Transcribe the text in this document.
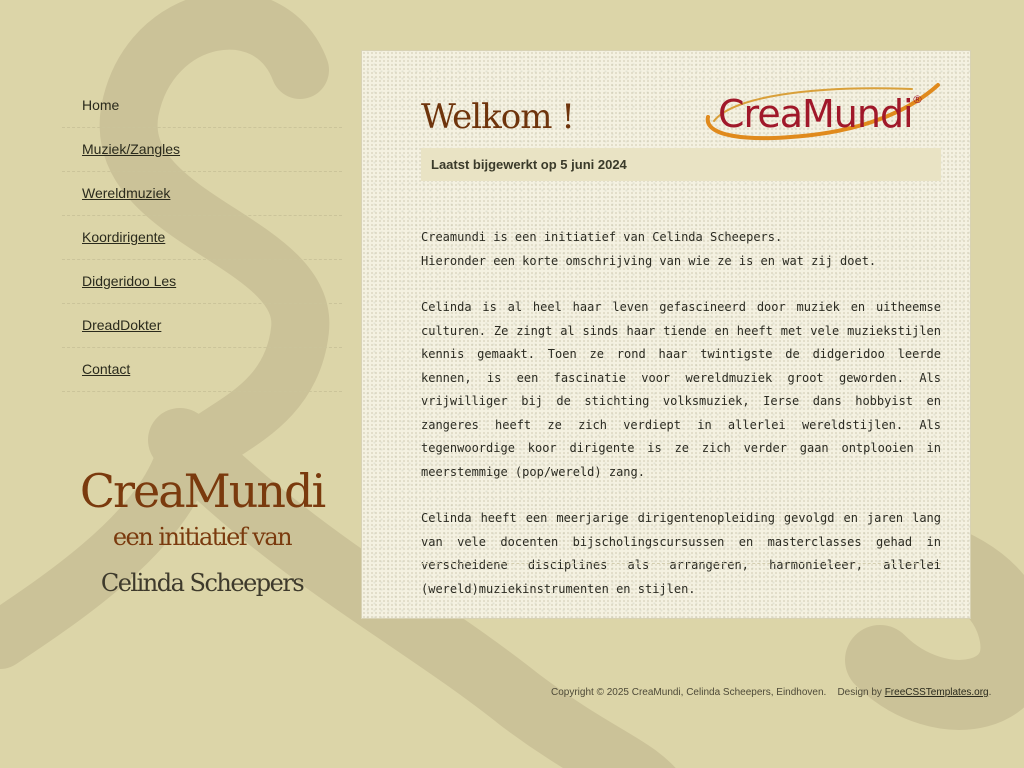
Home
Muziek/Zangles
Wereldmuziek
Koordirigente
Didgeridoo Les
DreadDokter
Contact
CreaMundi
een initiatief van
Celinda Scheepers
Welkom !	CreaMundi ®
Laatst bijgewerkt op 5 juni 2024

Creamundi is een initiatief van Celinda Scheepers.
Hieronder een korte omschrijving van wie ze is en wat zij doet.

Celinda is al heel haar leven gefascineerd door muziek en uitheemse culturen. Ze zingt al sinds haar tiende en heeft met vele muziekstijlen kennis gemaakt. Toen ze rond haar twintigste de didgeridoo leerde kennen, is een fascinatie voor wereldmuziek groot geworden. Als vrijwilliger bij de stichting volksmuziek, Ierse dans hobbyist en zangeres heeft ze zich verdiept in allerlei wereldstijlen. Als tegenwoordige koor dirigente is ze zich verder gaan ontplooien in meerstemmige (pop/wereld) zang.

Celinda heeft een meerjarige dirigentenopleiding gevolgd en jaren lang van vele docenten bijscholingscursussen en masterclasses gehad in verscheidene disciplines als arrangeren, harmonieleer, allerlei (wereld)muziekinstrumenten en stijlen.

Copyright © 2025 CreaMundi, Celinda Scheepers, Eindhoven. Design by FreeCSSTemplates.org.
